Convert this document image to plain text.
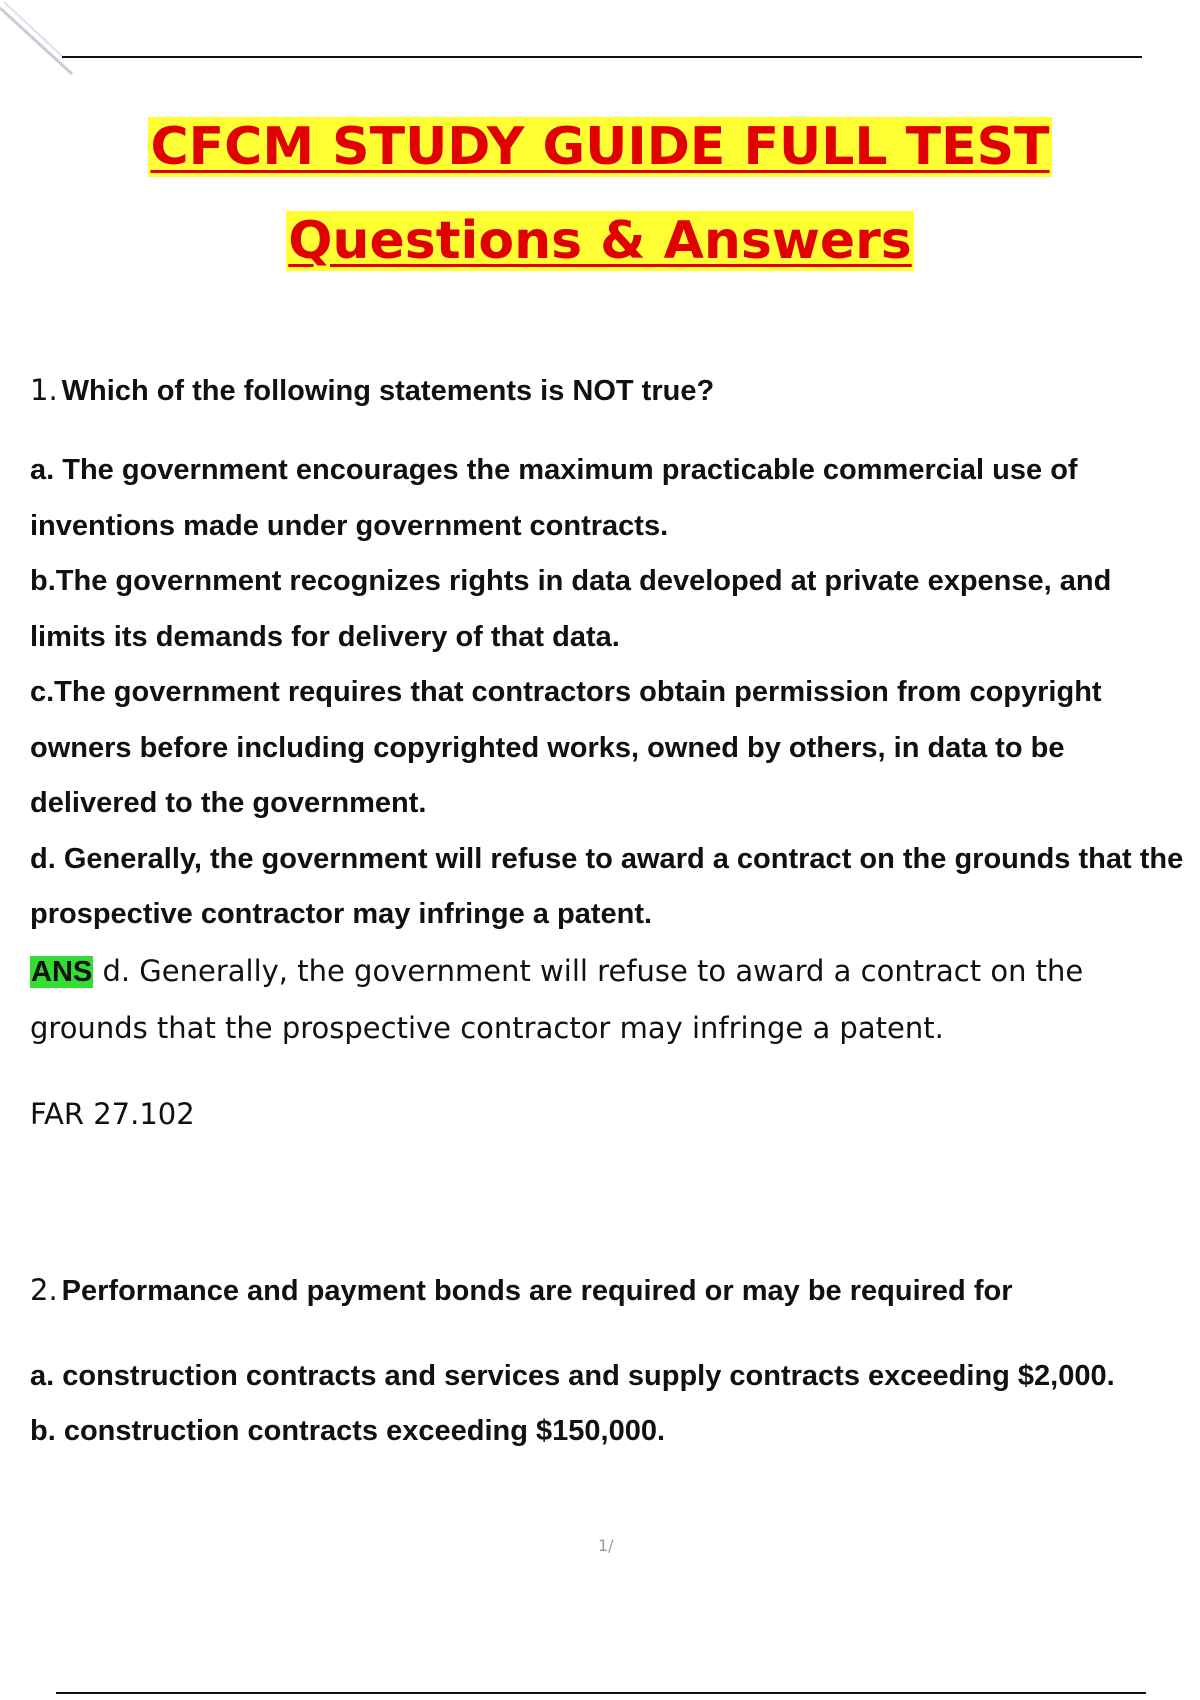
CFCM STUDY GUIDE FULL TEST
Questions & Answers
1. Which of the following statements is NOT true?

a. The government encourages the maximum practicable commercial use of inventions made under government contracts.

b.The government recognizes rights in data developed at private expense, and limits its demands for delivery of that data.

c.The government requires that contractors obtain permission from copyright owners before including copyrighted works, owned by others, in data to be delivered to the government.

d. Generally, the government will refuse to award a contract on the grounds that the prospective contractor may infringe a patent.

ANS d. Generally, the government will refuse to award a contract on the grounds that the prospective contractor may infringe a patent.

FAR 27.102
2. Performance and payment bonds are required or may be required for

a. construction contracts and services and supply contracts exceeding $2,000.

b. construction contracts exceeding $150,000.

1/
